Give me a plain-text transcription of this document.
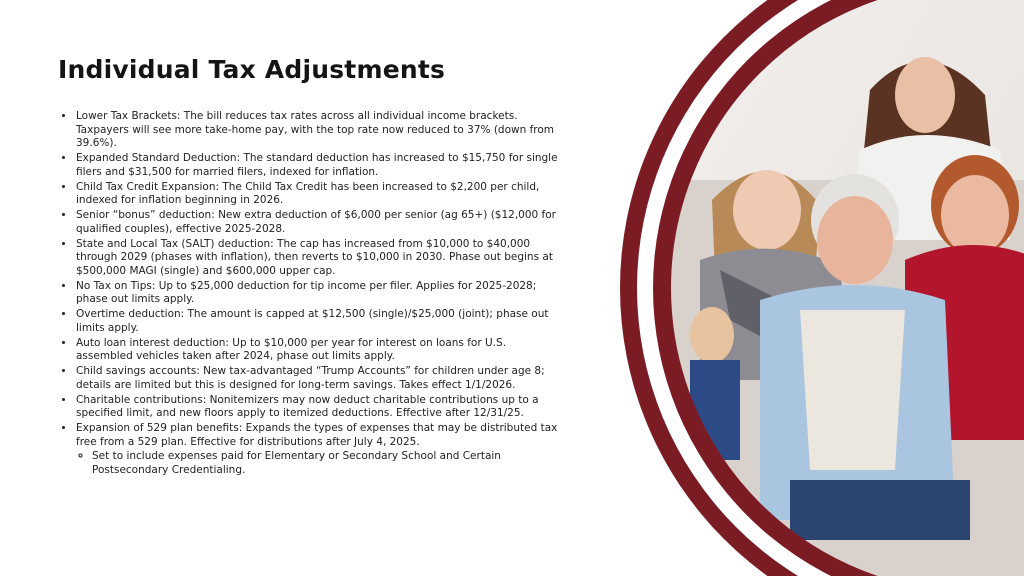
Individual Tax Adjustments
• Lower Tax Brackets: The bill reduces tax rates across all individual income brackets. Taxpayers will see more take-home pay, with the top rate now reduced to 37% (down from 39.6%).
• Expanded Standard Deduction: The standard deduction has increased to $15,750 for single filers and $31,500 for married filers, indexed for inflation.
• Child Tax Credit Expansion: The Child Tax Credit has been increased to $2,200 per child, indexed for inflation beginning in 2026.
• Senior “bonus” deduction: New extra deduction of $6,000 per senior (ag 65+) ($12,000 for qualified couples), effective 2025-2028.
• State and Local Tax (SALT) deduction: The cap has increased from $10,000 to $40,000 through 2029 (phases with inflation), then reverts to $10,000 in 2030. Phase out begins at $500,000 MAGI (single) and $600,000 upper cap.
• No Tax on Tips: Up to $25,000 deduction for tip income per filer. Applies for 2025-2028; phase out limits apply.
• Overtime deduction: The amount is capped at $12,500 (single)/$25,000 (joint); phase out limits apply.
• Auto loan interest deduction: Up to $10,000 per year for interest on loans for U.S. assembled vehicles taken after 2024, phase out limits apply.
• Child savings accounts: New tax-advantaged “Trump Accounts” for children under age 8; details are limited but this is designed for long-term savings. Takes effect 1/1/2026.
• Charitable contributions: Nonitemizers may now deduct charitable contributions up to a specified limit, and new floors apply to itemized deductions. Effective after 12/31/25.
• Expansion of 529 plan benefits: Expands the types of expenses that may be distributed tax free from a 529 plan. Effective for distributions after July 4, 2025.
◦ Set to include expenses paid for Elementary or Secondary School and Certain Postsecondary Credentialing.
